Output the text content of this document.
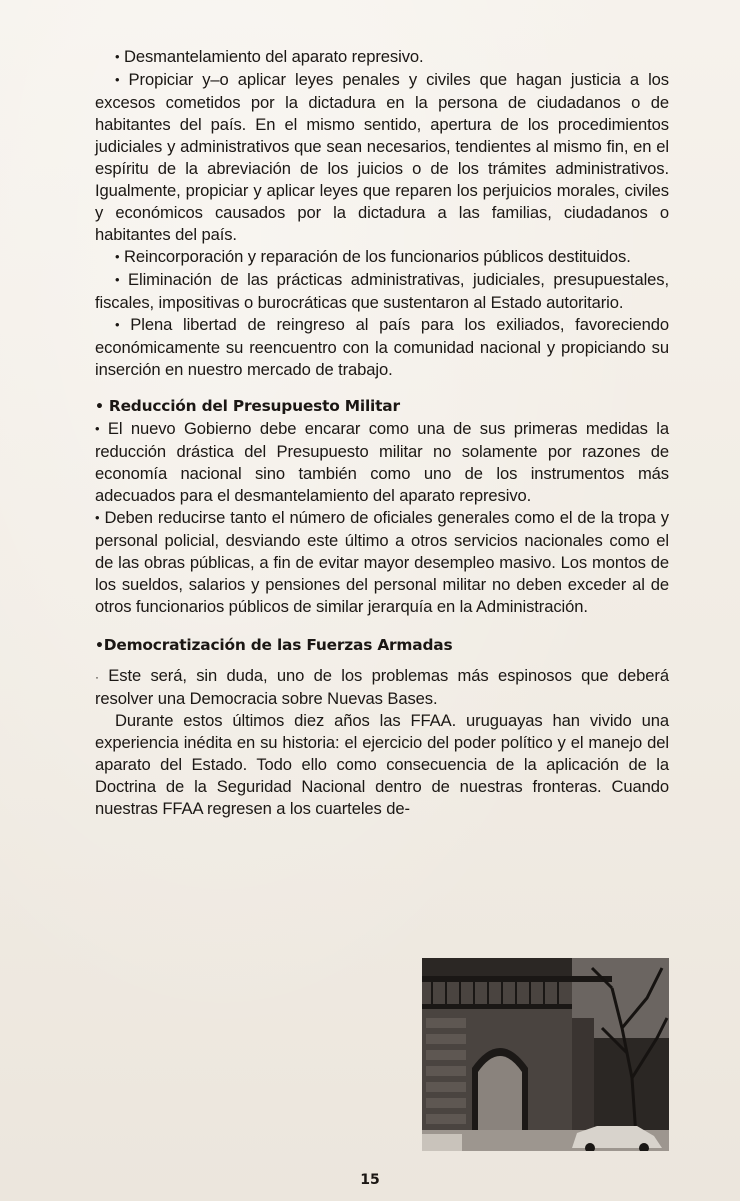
• Desmantelamiento del aparato represivo.

• Propiciar y–o aplicar leyes penales y civiles que hagan justicia a los excesos cometidos por la dictadura en la persona de ciudadanos o de habitantes del país. En el mismo sentido, apertura de los procedimientos judiciales y administrativos que sean necesarios, tendientes al mismo fin, en el espíritu de la abreviación de los juicios o de los trámites administrativos. Igualmente, propiciar y aplicar leyes que reparen los perjuicios morales, civiles y económicos causados por la dictadura a las familias, ciudadanos o habitantes del país.

• Reincorporación y reparación de los funcionarios públicos destituidos.

• Eliminación de las prácticas administrativas, judiciales, presupuestales, fiscales, impositivas o burocráticas que sustentaron al Estado autoritario.

• Plena libertad de reingreso al país para los exiliados, favoreciendo económicamente su reencuentro con la comunidad nacional y propiciando su inserción en nuestro mercado de trabajo.

• Reducción del Presupuesto Militar

• El nuevo Gobierno debe encarar como una de sus primeras medidas la reducción drástica del Presupuesto militar no solamente por razones de economía nacional sino también como uno de los instrumentos más adecuados para el desmantelamiento del aparato represivo.

• Deben reducirse tanto el número de oficiales generales como el de la tropa y personal policial, desviando este último a otros servicios nacionales como el de las obras públicas, a fin de evitar mayor desempleo masivo. Los montos de los sueldos, salarios y pensiones del personal militar no deben exceder al de otros funcionarios públicos de similar jerarquía en la Administración.

•Democratización de las Fuerzas Armadas

· Este será, sin duda, uno de los problemas más espinosos que deberá resolver una Democracia sobre Nuevas Bases.

Durante estos últimos diez años las FFAA. uruguayas han vivido una experiencia inédita en su historia: el ejercicio del poder político y el manejo del aparato del Estado. Todo ello como consecuencia de la aplicación de la Doctrina de la Seguridad Nacional dentro de nuestras fronteras. Cuando nuestras FFAA regresen a los cuarteles de-

15
